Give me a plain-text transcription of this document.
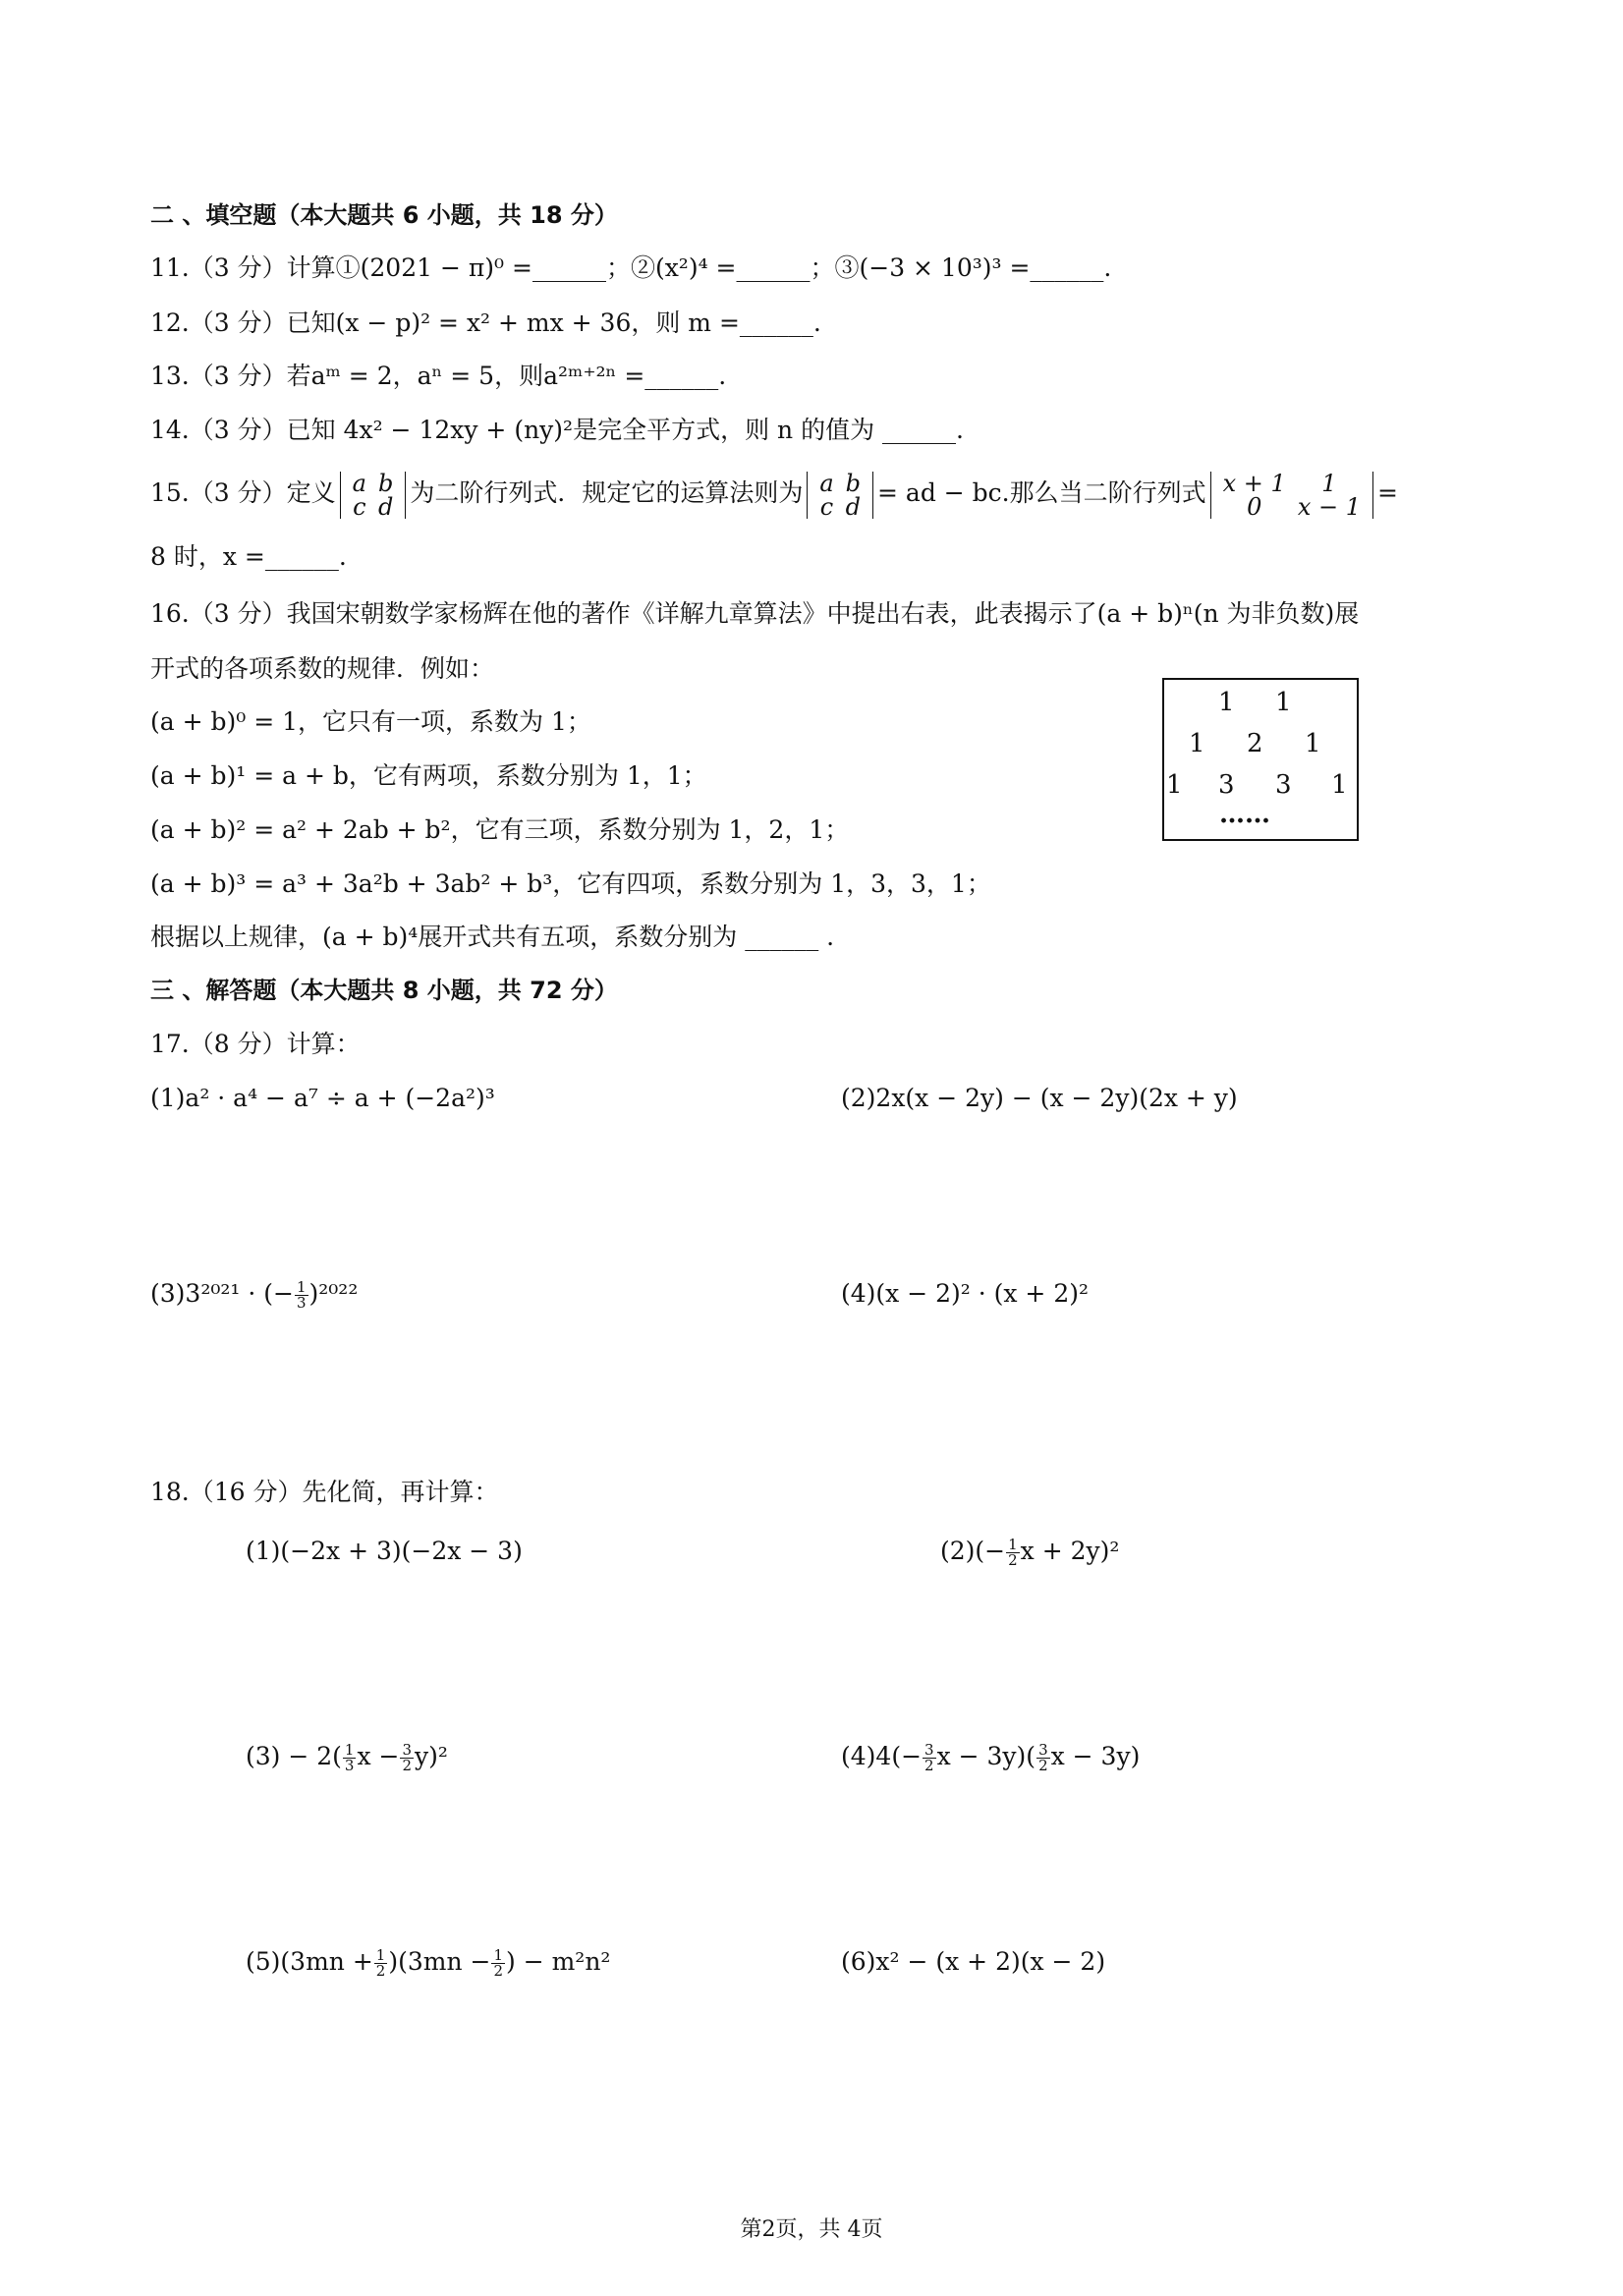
二 、填空题（本大题共 6 小题，共 18 分）
11.（3 分）计算①(2021 − π)⁰ =______；②(x²)⁴ =______；③(−3 × 10³)³ =______.
12.（3 分）已知(x − p)² = x² + mx + 36，则 m =______.
13.（3 分）若aᵐ = 2，aⁿ = 5，则a²ᵐ⁺²ⁿ =______.
14.（3 分）已知 4x² − 12xy + (ny)²是完全平方式，则 n 的值为 ______.
15.（3 分）定义 a	b
c	d 为二阶行列式．规定它的运算法则为 a	b
c	d = ad − bc.那么当二阶行列式 x + 1	1
0	x − 1 =
8 时，x =______.
16.（3 分）我国宋朝数学家杨辉在他的著作《详解九章算法》中提出右表，此表揭示了(a + b)ⁿ(n 为非负数)展
开式的各项系数的规律．例如：
(a + b)⁰ = 1，它只有一项，系数为 1；
(a + b)¹ = a + b，它有两项，系数分别为 1，1；
(a + b)² = a² + 2ab + b²，它有三项，系数分别为 1，2，1；
(a + b)³ = a³ + 3a²b + 3ab² + b³，它有四项，系数分别为 1，3，3，1；
根据以上规律，(a + b)⁴展开式共有五项，系数分别为 ______ .
1 1
1 2 1
1 3 3 1
……
三 、解答题（本大题共 8 小题，共 72 分）
17.（8 分）计算：
(1)a² · a⁴ − a⁷ ÷ a + (−2a²)³	(2)2x(x − 2y) − (x − 2y)(2x + y)
(3)3²⁰²¹ · (− $\frac{1}{3} )^{2022}$	(4)(x − 2)² · (x + 2)²
18.（16 分）先化简，再计算：
(1)(−2x + 3)(−2x − 3)	$(2)(- \frac{1}{2}$ x + 2y)²
$(3) - 2( \frac{1}{3}$ $x - \frac{3}{2} y)^2$	$(4)4(- \frac{3}{2}$ $x - 3y)( \frac{3}{2}$ x − 3y)
$(5)(3mn + \frac{1}{2} )(3mn - \frac{1}{2}$ ) − m²n²	(6)x² − (x + 2)(x − 2)
第2页，共 4页
